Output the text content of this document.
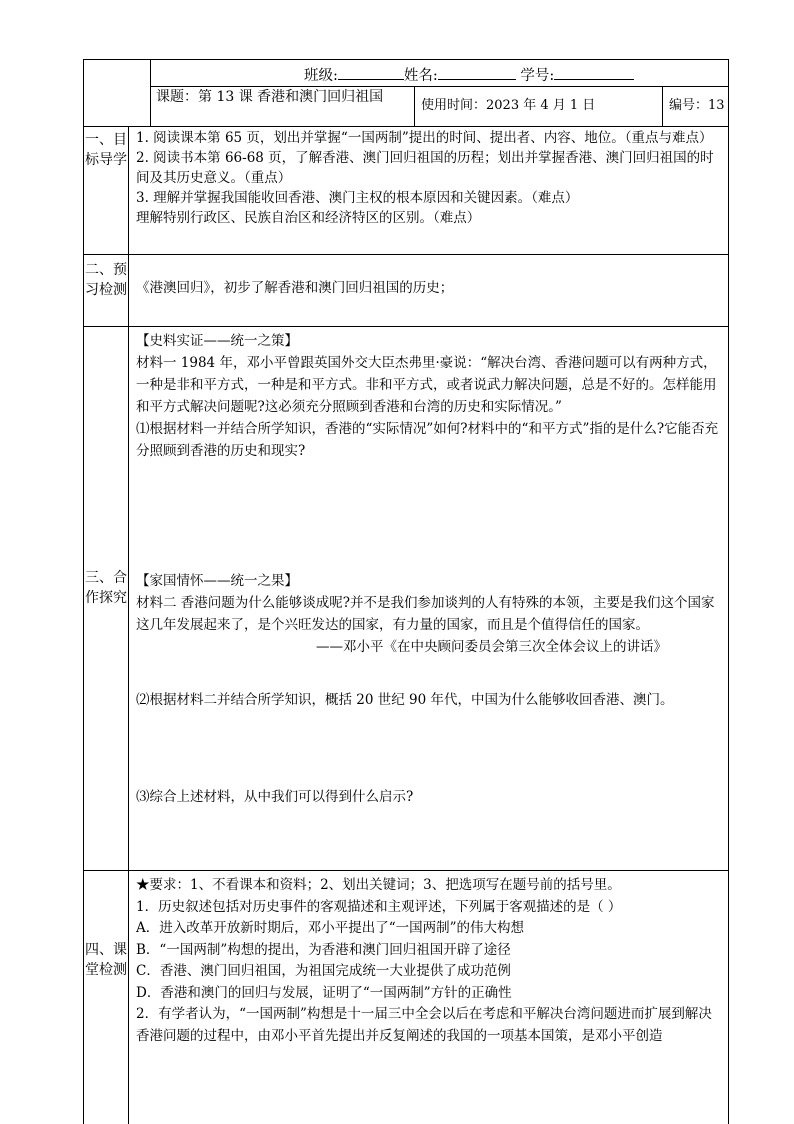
班级:	姓名:	学号:
课题：第 13 课 香港和澳门回归祖国
使用时间：2023 年 4 月 1 日	编号：13
一、目标导学

1. 阅读课本第 65 页，划出并掌握“一国两制”提出的时间、提出者、内容、地位。（重点与难点）

2. 阅读书本第 66-68 页，了解香港、澳门回归祖国的历程；划出并掌握香港、澳门回归祖国的时间及其历史意义。（重点）

3. 理解并掌握我国能收回香港、澳门主权的根本原因和关键因素。（难点）

理解特别行政区、民族自治区和经济特区的区别。（难点）

二、预习检测 《港澳回归》，初步了解香港和澳门回归祖国的历史；
三、合作探究

【史料实证——统一之策】

材料一 1984 年，邓小平曾跟英国外交大臣杰弗里·豪说：“解决台湾、香港问题可以有两种方式，一种是非和平方式，一种是和平方式。非和平方式，或者说武力解决问题，总是不好的。怎样能用和平方式解决问题呢?这必须充分照顾到香港和台湾的历史和实际情况。”

⑴根据材料一并结合所学知识，香港的“实际情况”如何?材料中的“和平方式”指的是什么?它能否充分照顾到香港的历史和现实?

【家国情怀——统一之果】

材料二 香港问题为什么能够谈成呢?并不是我们参加谈判的人有特殊的本领，主要是我们这个国家这几年发展起来了，是个兴旺发达的国家，有力量的国家，而且是个值得信任的国家。

——邓小平《在中央顾问委员会第三次全体会议上的讲话》

⑵根据材料二并结合所学知识，概括 20 世纪 90 年代，中国为什么能够收回香港、澳门。
⑶综合上述材料，从中我们可以得到什么启示?
四、课堂检测

★要求：1、不看课本和资料；2、划出关键词；3、把选项写在题号前的括号里。

1．历史叙述包括对历史事件的客观描述和主观评述，下列属于客观描述的是（ ）

A．进入改革开放新时期后，邓小平提出了“一国两制”的伟大构想

B．“一国两制”构想的提出，为香港和澳门回归祖国开辟了途径

C．香港、澳门回归祖国，为祖国完成统一大业提供了成功范例

D．香港和澳门的回归与发展，证明了“一国两制”方针的正确性

2．有学者认为，“一国两制”构想是十一届三中全会以后在考虑和平解决台湾问题进而扩展到解决香港问题的过程中，由邓小平首先提出并反复阐述的我国的一项基本国策，是邓小平创造
